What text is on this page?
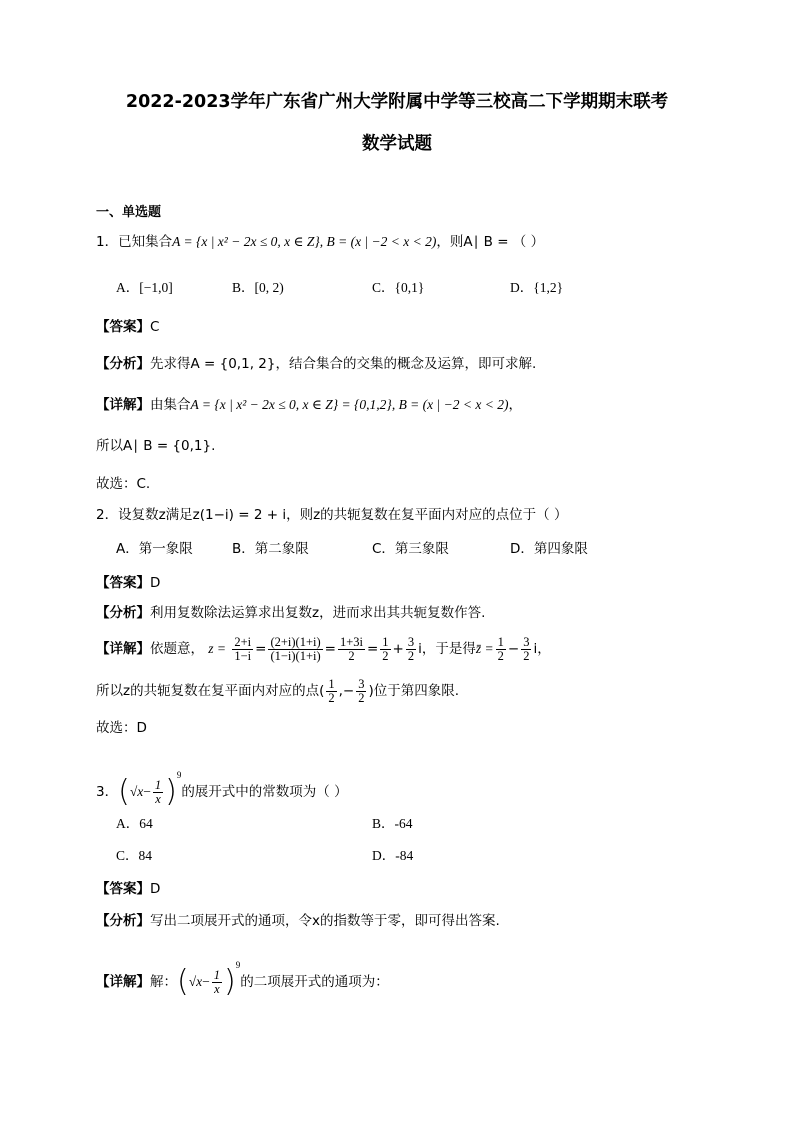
2022-2023学年广东省广州大学附属中学等三校高二下学期期末联考
数学试题
一、单选题
1．已知集合A = {x | x² − 2x ≤ 0, x ∈ Z}, B = (x | −2 < x < 2)，则A∣ B = （ ）
A．[−1,0]	B．[0, 2)	C．{0,1}	D．{1,2}
【答案】C
【分析】先求得A = {0,1, 2}，结合集合的交集的概念及运算，即可求解.
【详解】由集合A = {x | x² − 2x ≤ 0, x ∈ Z} = {0,1,2}, B = (x | −2 < x < 2)，
所以A∣ B = {0,1}.
故选：C.
2．设复数z满足z(1−i) = 2 + i，则z的共轭复数在复平面内对应的点位于（ ）
A．第一象限	B．第二象限	C．第三象限	D．第四象限
【答案】D
【分析】利用复数除法运算求出复数z，进而求出其共轭复数作答.
【详解】依题意， $z = \frac{2+i}{1-i} = \frac{(2+i)(1+i)}{(1-i)(1+i)} = \frac{1+3i}{2} = \frac{1}{2} + \frac{3}{2}$ i，于是得z̄ = $\frac{1}{2} - \frac{3}{2}$ i，
所以z的共轭复数在复平面内对应的点( $\frac{1}{2}$ ,− $\frac{3}{2}$ )位于第四象限.
故选：D
3．$(√x- \frac{1}{x} )^9$的展开式中的常数项为（ ）
A．64	B．-64
C．84	D．-84
【答案】D
【分析】写出二项展开式的通项，令x的指数等于零，即可得出答案.
【详解】解：$(√x- \frac{1}{x} )^9$的二项展开式的通项为：
